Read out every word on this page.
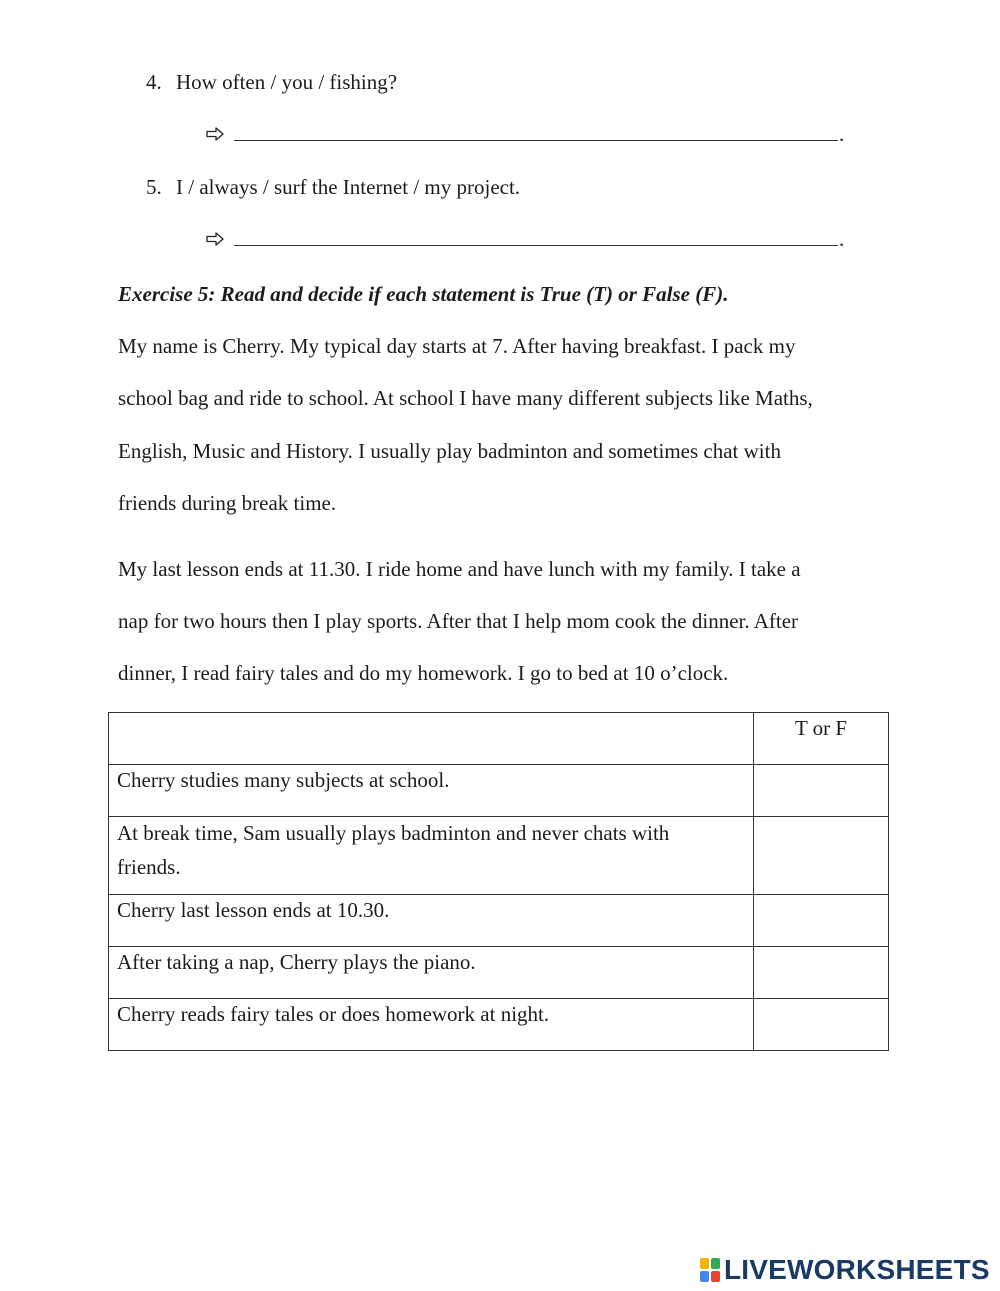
4. How often / you / fishing?
.
5. I / always / surf the Internet / my project.
.
Exercise 5: Read and decide if each statement is True (T) or False (F).
My name is Cherry. My typical day starts at 7. After having breakfast. I pack my
school bag and ride to school. At school I have many different subjects like Maths,
English, Music and History. I usually play badminton and sometimes chat with
friends during break time.
My last lesson ends at 11.30. I ride home and have lunch with my family. I take a
nap for two hours then I play sports. After that I help mom cook the dinner. After
dinner, I read fairy tales and do my homework. I go to bed at 10 o’clock.

	T or F

Cherry studies many subjects at school.	

At break time, Sam usually plays badminton and never chats with
friends.	

Cherry last lesson ends at 10.30.	

After taking a nap, Cherry plays the piano.	

Cherry reads fairy tales or does homework at night.	

LIVEWORKSHEETS
